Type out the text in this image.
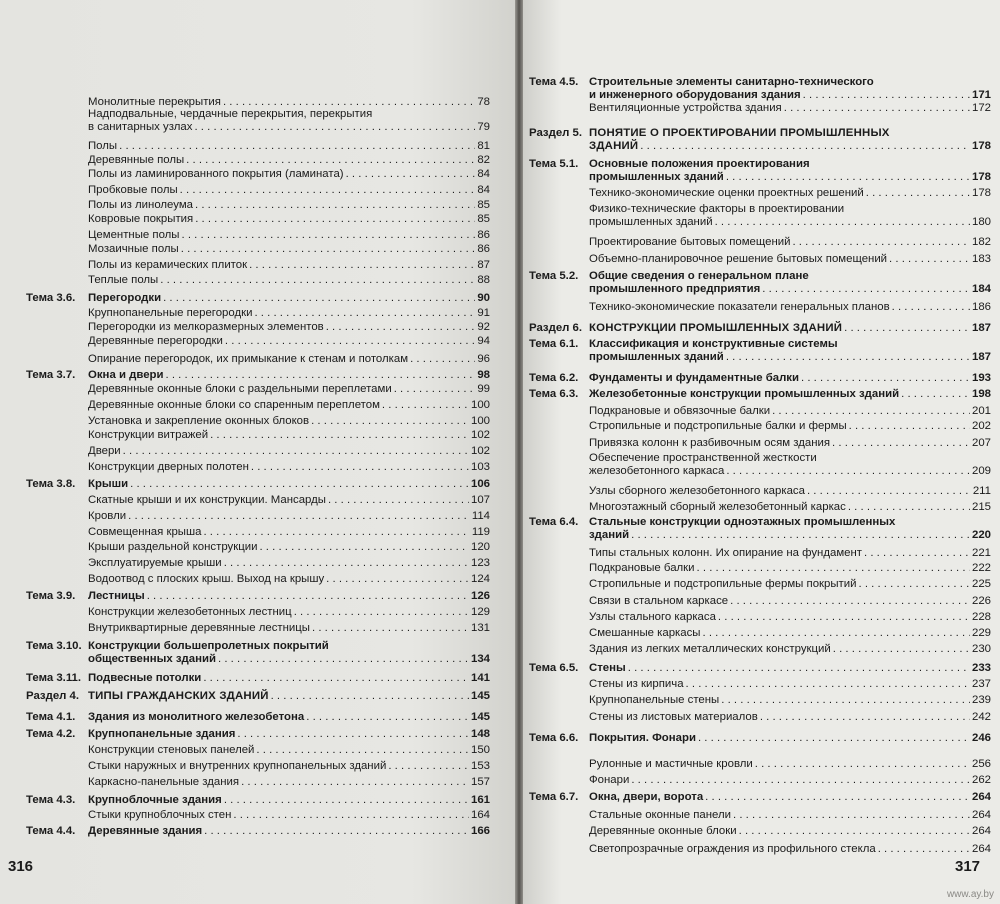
Монолитные перекрытия . . .	78
Надподвальные, чердачные перекрытия, перекрытия
в санитарных узлах . . .	79
Полы . . .	81
Деревянные полы . . .	82
Полы из ламинированного покрытия (ламината) . . .	84
Пробковые полы . . .	84
Полы из линолеума . . .	85
Ковровые покрытия . . .	85
Цементные полы . . .	86
Мозаичные полы . . .	86
Полы из керамических плиток . . .	87
Теплые полы . . .	88
Тема 3.6.	Перегородки . . .	90
Крупнопанельные перегородки . . .	91
Перегородки из мелкоразмерных элементов . . .	92
Деревянные перегородки . . .	94
Опирание перегородок, их примыкание к стенам и потолкам . . .	96
Тема 3.7.	Окна и двери . . .	98
Деревянные оконные блоки с раздельными переплетами . . .	99
Деревянные оконные блоки со спаренным переплетом . . .	100
Установка и закрепление оконных блоков . . .	100
Конструкции витражей . . .	102
Двери . . .	102
Конструкции дверных полотен . . .	103
Тема 3.8.	Крыши . . .	106
Скатные крыши и их конструкции. Мансарды . . .	107
Кровли . . .	114
Совмещенная крыша . . .	119
Крыши раздельной конструкции . . .	120
Эксплуатируемые крыши . . .	123
Водоотвод с плоских крыш. Выход на крышу . . .	124
Тема 3.9.	Лестницы . . .	126
Конструкции железобетонных лестниц . . .	129
Внутриквартирные деревянные лестницы . . .	131
Тема 3.10. Конструкции большепролетных покрытий
общественных зданий . . .	134
Тема 3.11. Подвесные потолки . . .	141
Раздел 4. ТИПЫ ГРАЖДАНСКИХ ЗДАНИЙ . . .	145
Тема 4.1.	Здания из монолитного железобетона . . .	145
Тема 4.2.	Крупнопанельные здания . . .	148
Конструкции стеновых панелей . . .	150
Стыки наружных и внутренних крупнопанельных зданий . . .	153
Каркасно-панельные здания . . .	157
Тема 4.3.	Крупноблочные здания . . .	161
Стыки крупноблочных стен . . .	164
Тема 4.4.	Деревянные здания . . .	166
316
Тема 4.5. Строительные элементы санитарно-технического
и инженерного оборудования здания . . .	171
Вентиляционные устройства здания . . .	172
Раздел 5. ПОНЯТИЕ О ПРОЕКТИРОВАНИИ ПРОМЫШЛЕННЫХ
ЗДАНИЙ . . .	178
Тема 5.1. Основные положения проектирования
промышленных зданий . . .	178
Технико-экономические оценки проектных решений . . .	178
Физико-технические факторы в проектировании
промышленных зданий . . .	180
Проектирование бытовых помещений . . .	182
Объемно-планировочное решение бытовых помещений . . .	183
Тема 5.2. Общие сведения о генеральном плане
промышленного предприятия . . .	184
Технико-экономические показатели генеральных планов . . .	186
Раздел 6. КОНСТРУКЦИИ ПРОМЫШЛЕННЫХ ЗДАНИЙ . . .	187
Тема 6.1. Классификация и конструктивные системы
промышленных зданий . . .	187
Тема 6.2. Фундаменты и фундаментные балки . . .	193
Тема 6.3. Железобетонные конструкции промышленных зданий . . .	198
Подкрановые и обвязочные балки . . .	201
Стропильные и подстропильные балки и фермы . . .	202
Привязка колонн к разбивочным осям здания . . .	207
Обеспечение пространственной жесткости
железобетонного каркаса . . .	209
Узлы сборного железобетонного каркаса . . .	211
Многоэтажный сборный железобетонный каркас . . .	215
Тема 6.4. Стальные конструкции одноэтажных промышленных
зданий . . .	220
Типы стальных колонн. Их опирание на фундамент . . .	221
Подкрановые балки . . .	222
Стропильные и подстропильные фермы покрытий . . .	225
Связи в стальном каркасе . . .	226
Узлы стального каркаса . . .	228
Смешанные каркасы . . .	229
Здания из легких металлических конструкций . . .	230
Тема 6.5. Стены . . .	233
Стены из кирпича . . .	237
Крупнопанельные стены . . .	239
Стены из листовых материалов . . .	242
Тема 6.6. Покрытия. Фонари . . .	246
Рулонные и мастичные кровли . . .	256
Фонари . . .	262
Тема 6.7. Окна, двери, ворота . . .	264
Стальные оконные панели . . .	264
Деревянные оконные блоки . . .	264
Светопрозрачные ограждения из профильного стекла . . .	264
317
www.ay.by
